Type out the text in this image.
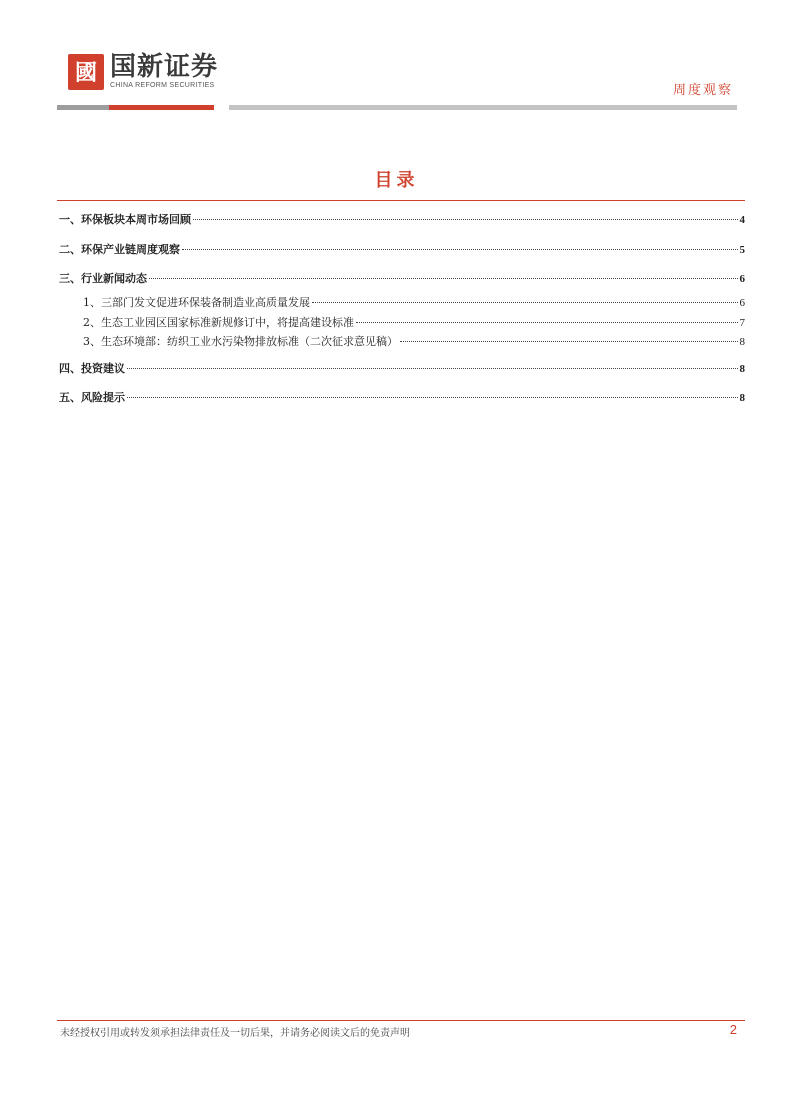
國 国新证券
CHINA REFORM SECURITIES	周度观察
目录
一、环保板块本周市场回顾	4
二、环保产业链周度观察	5
三、行业新闻动态	6
1、三部门发文促进环保装备制造业高质量发展	6
2、生态工业园区国家标准新规修订中，将提高建设标准	7
3、生态环境部：纺织工业水污染物排放标准（二次征求意见稿）	8
四、投资建议	8
五、风险提示	8
未经授权引用或转发须承担法律责任及一切后果，并请务必阅读文后的免责声明	2
